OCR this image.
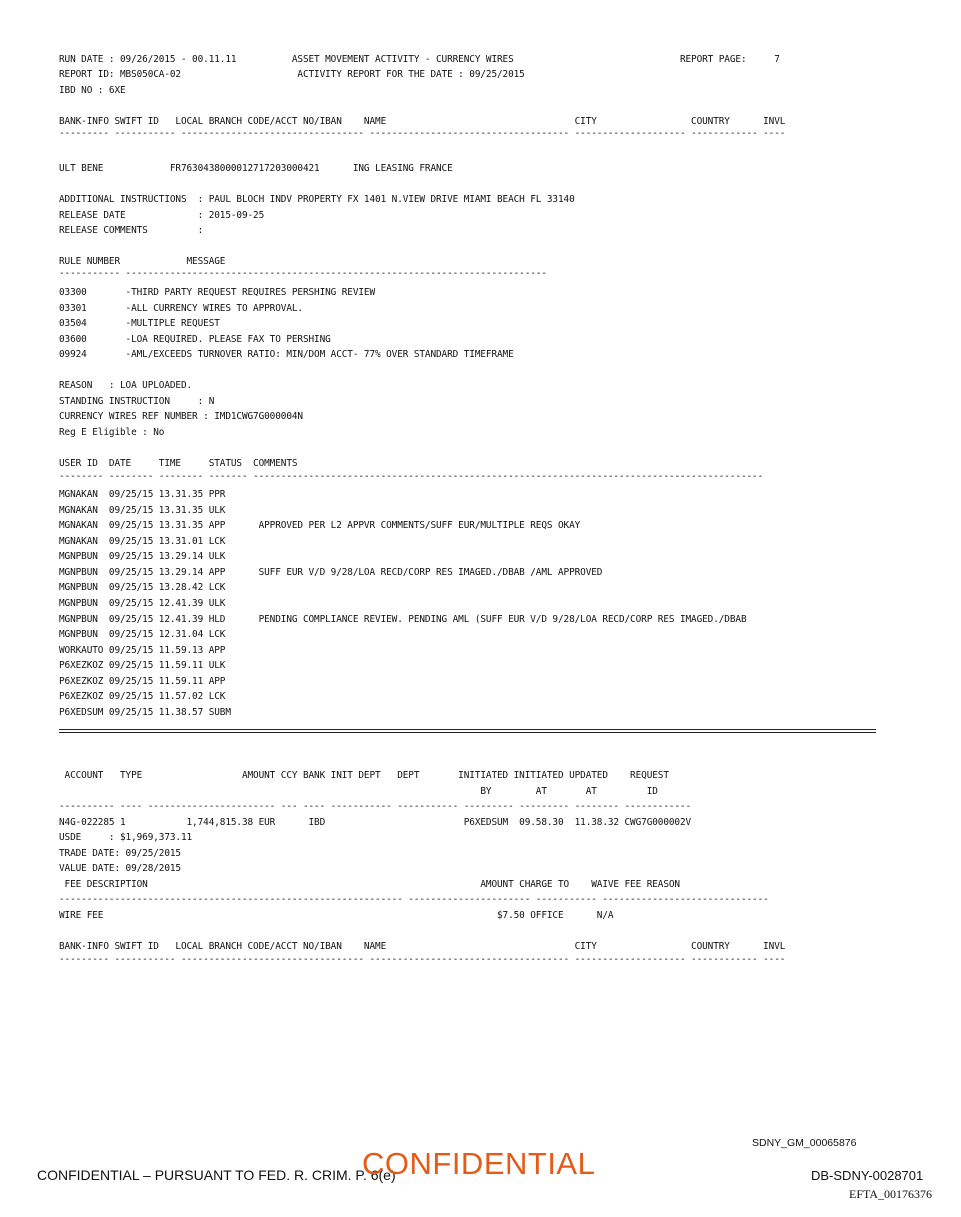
RUN DATE : 09/26/2015 - 00.11.11          ASSET MOVEMENT ACTIVITY - CURRENCY WIRES                              REPORT PAGE:     7
REPORT ID: MBS050CA-02                     ACTIVITY REPORT FOR THE DATE : 09/25/2015
IBD NO : 6XE
BANK-INFO SWIFT ID   LOCAL BRANCH CODE/ACCT NO/IBAN    NAME                                  CITY                 COUNTRY      INVL
--------- ----------- --------------------------------- ------------------------------------ -------------------- ------------ ----
ULT BENE            FR7630438000012717203000421      ING LEASING FRANCE
ADDITIONAL INSTRUCTIONS  : PAUL BLOCH INDV PROPERTY FX 1401 N.VIEW DRIVE MIAMI BEACH FL 33140
RELEASE DATE             : 2015-09-25
RELEASE COMMENTS         :
RULE NUMBER            MESSAGE
----------- ----------------------------------------------------------------------------
03300       -THIRD PARTY REQUEST REQUIRES PERSHING REVIEW
03301       -ALL CURRENCY WIRES TO APPROVAL.
03504       -MULTIPLE REQUEST
03600       -LOA REQUIRED. PLEASE FAX TO PERSHING
09924       -AML/EXCEEDS TURNOVER RATIO: MIN/DOM ACCT- 77% OVER STANDARD TIMEFRAME
REASON   : LOA UPLOADED.
STANDING INSTRUCTION     : N
CURRENCY WIRES REF NUMBER : IMD1CWG7G000004N
Reg E Eligible : No
USER ID  DATE     TIME     STATUS  COMMENTS
-------- -------- -------- ------- --------------------------------------------------------------------------------------------
MGNAKAN  09/25/15 13.31.35 PPR
MGNAKAN  09/25/15 13.31.35 ULK
MGNAKAN  09/25/15 13.31.35 APP      APPROVED PER L2 APPVR COMMENTS/SUFF EUR/MULTIPLE REQS OKAY
MGNAKAN  09/25/15 13.31.01 LCK
MGNPBUN  09/25/15 13.29.14 ULK
MGNPBUN  09/25/15 13.29.14 APP      SUFF EUR V/D 9/28/LOA RECD/CORP RES IMAGED./DBAB /AML APPROVED
MGNPBUN  09/25/15 13.28.42 LCK
MGNPBUN  09/25/15 12.41.39 ULK
MGNPBUN  09/25/15 12.41.39 HLD      PENDING COMPLIANCE REVIEW. PENDING AML (SUFF EUR V/D 9/28/LOA RECD/CORP RES IMAGED./DBAB
MGNPBUN  09/25/15 12.31.04 LCK
WORKAUTO 09/25/15 11.59.13 APP
P6XEZKOZ 09/25/15 11.59.11 ULK
P6XEZKOZ 09/25/15 11.59.11 APP
P6XEZKOZ 09/25/15 11.57.02 LCK
P6XEDSUM 09/25/15 11.38.57 SUBM
ACCOUNT   TYPE                  AMOUNT CCY BANK INIT DEPT   DEPT       INITIATED INITIATED UPDATED    REQUEST
BY        AT       AT         ID
---------- ---- ----------------------- --- ---- ----------- ----------- --------- --------- -------- ------------
N4G-022285 1           1,744,815.38 EUR      IBD                         P6XEDSUM  09.58.30  11.38.32 CWG7G000002V
USDE     : $1,969,373.11
TRADE DATE: 09/25/2015
VALUE DATE: 09/28/2015
FEE DESCRIPTION                                                            AMOUNT CHARGE TO    WAIVE FEE REASON
-------------------------------------------------------------- ---------------------- ----------- ------------------------------
WIRE FEE                                                                       $7.50 OFFICE      N/A
BANK-INFO SWIFT ID   LOCAL BRANCH CODE/ACCT NO/IBAN    NAME                                  CITY                 COUNTRY      INVL
--------- ----------- --------------------------------- ------------------------------------ -------------------- ------------ ----
SDNY_GM_00065876
CONFIDENTIAL – PURSUANT TO FED. R. CRIM. P. 6(e)
CONFIDENTIAL	DB-SDNY-0028701
EFTA_00176376
